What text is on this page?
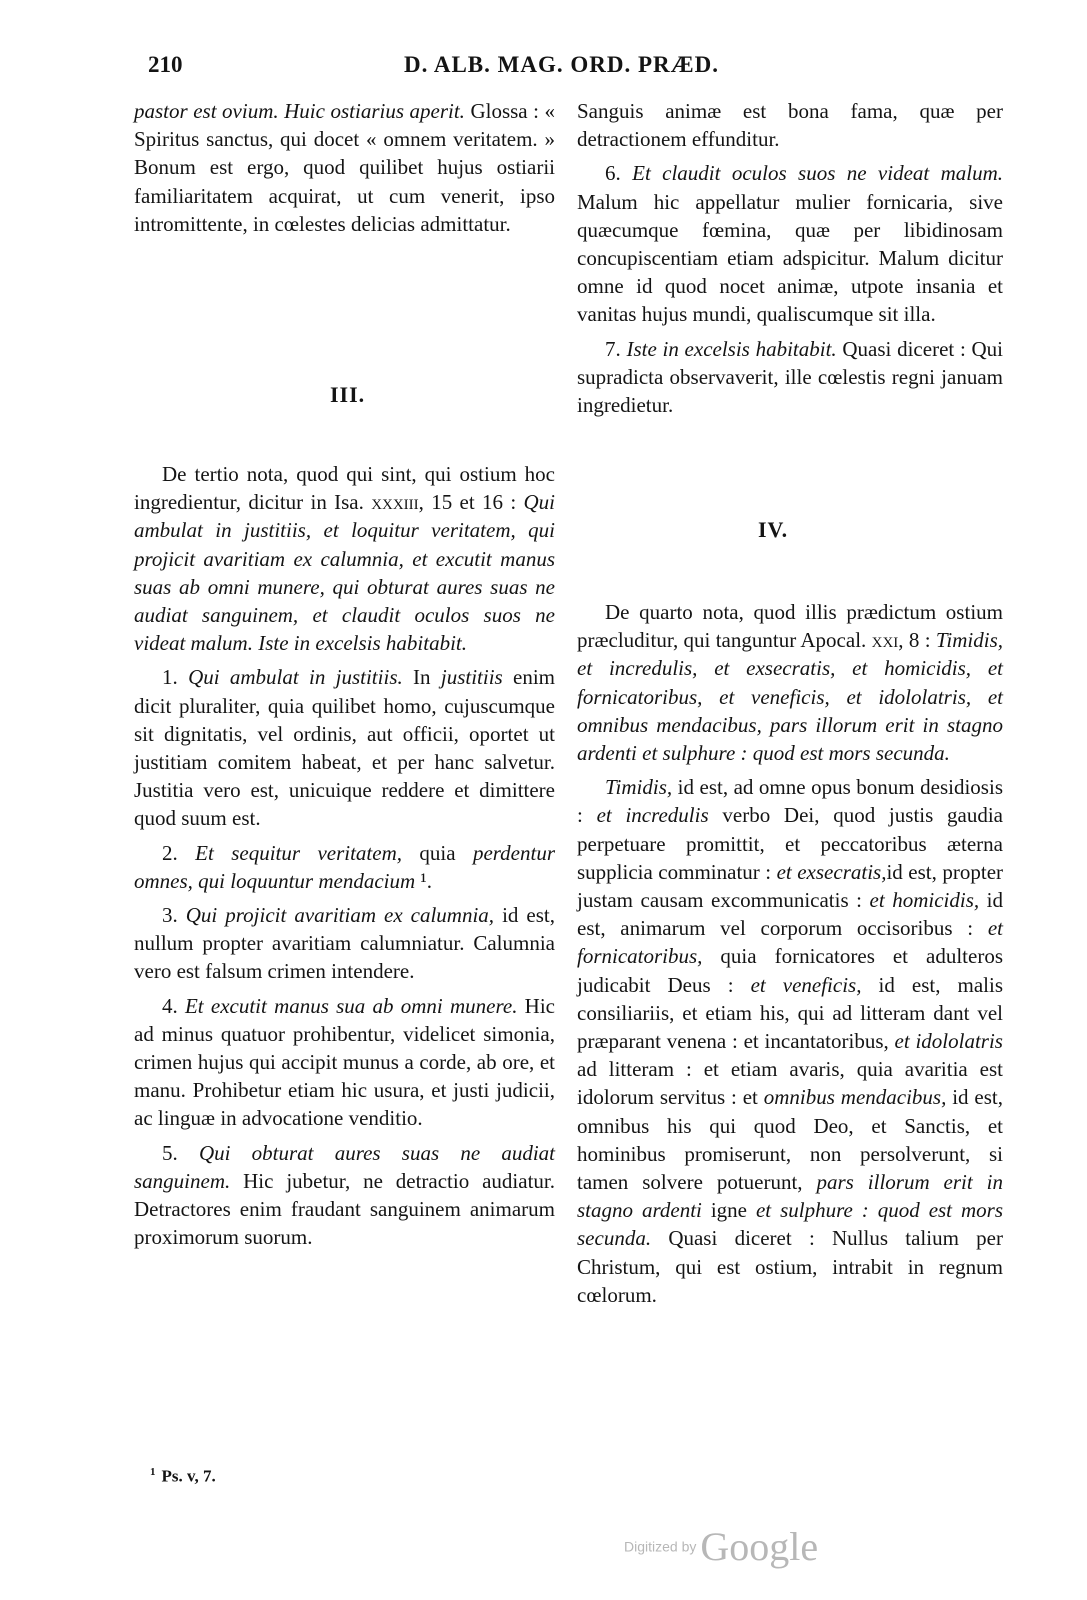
210	D. ALB. MAG. ORD. PRÆD.

pastor est ovium. Huic ostiarius aperit. Glossa : « Spiritus sanctus, qui docet « omnem veritatem. » Bonum est ergo, quod quilibet hujus ostiarii familiaritatem acquirat, ut cum venerit, ipso intromittente, in cœlestes delicias admittatur.

III.

De tertio nota, quod qui sint, qui ostium hoc ingredientur, dicitur in Isa. xxxiii, 15 et 16 : Qui ambulat in justitiis, et loquitur veritatem, qui projicit avaritiam ex calumnia, et excutit manus suas ab omni munere, qui obturat aures suas ne audiat sanguinem, et claudit oculos suos ne videat malum. Iste in excelsis habitabit.

1. Qui ambulat in justitiis. In justitiis enim dicit pluraliter, quia quilibet homo, cujuscumque sit dignitatis, vel ordinis, aut officii, oportet ut justitiam comitem habeat, et per hanc salvetur. Justitia vero est, unicuique reddere et dimittere quod suum est.

2. Et sequitur veritatem, quia perdentur omnes, qui loquuntur mendacium ¹.

3. Qui projicit avaritiam ex calumnia, id est, nullum propter avaritiam calumniatur. Calumnia vero est falsum crimen intendere.

4. Et excutit manus sua ab omni munere. Hic ad minus quatuor prohibentur, videlicet simonia, crimen hujus qui accipit munus a corde, ab ore, et manu. Prohibetur etiam hic usura, et justi judicii, ac linguæ in advocatione venditio.

5. Qui obturat aures suas ne audiat sanguinem. Hic jubetur, ne detractio audiatur. Detractores enim fraudant sanguinem animarum proximorum suorum.

Sanguis animæ est bona fama, quæ per detractionem effunditur.

6. Et claudit oculos suos ne videat malum. Malum hic appellatur mulier fornicaria, sive quæcumque fœmina, quæ per libidinosam concupiscentiam etiam adspicitur. Malum dicitur omne id quod nocet animæ, utpote insania et vanitas hujus mundi, qualiscumque sit illa.

7. Iste in excelsis habitabit. Quasi diceret : Qui supradicta observaverit, ille cœlestis regni januam ingredietur.

IV.

De quarto nota, quod illis prædictum ostium præcluditur, qui tanguntur Apocal. xxi, 8 : Timidis, et incredulis, et exsecratis, et homicidis, et fornicatoribus, et veneficis, et idololatris, et omnibus mendacibus, pars illorum erit in stagno ardenti et sulphure : quod est mors secunda.

Timidis, id est, ad omne opus bonum desidiosis : et incredulis verbo Dei, quod justis gaudia perpetuare promittit, et peccatoribus æterna supplicia comminatur : et exsecratis,id est, propter justam causam excommunicatis : et homicidis, id est, animarum vel corporum occisoribus : et fornicatoribus, quia fornicatores et adulteros judicabit Deus : et veneficis, id est, malis consiliariis, et etiam his, qui ad litteram dant vel præparant venena : et incantatoribus, et idololatris ad litteram : et etiam avaris, quia avaritia est idolorum servitus : et omnibus mendacibus, id est, omnibus his qui quod Deo, et Sanctis, et hominibus promiserunt, non persolverunt, si tamen solvere potuerunt, pars illorum erit in stagno ardenti igne et sulphure : quod est mors secunda. Quasi diceret : Nullus talium per Christum, qui est ostium, intrabit in regnum cœlorum.

$^1$ Ps. v, 7.
Digitized by Google
